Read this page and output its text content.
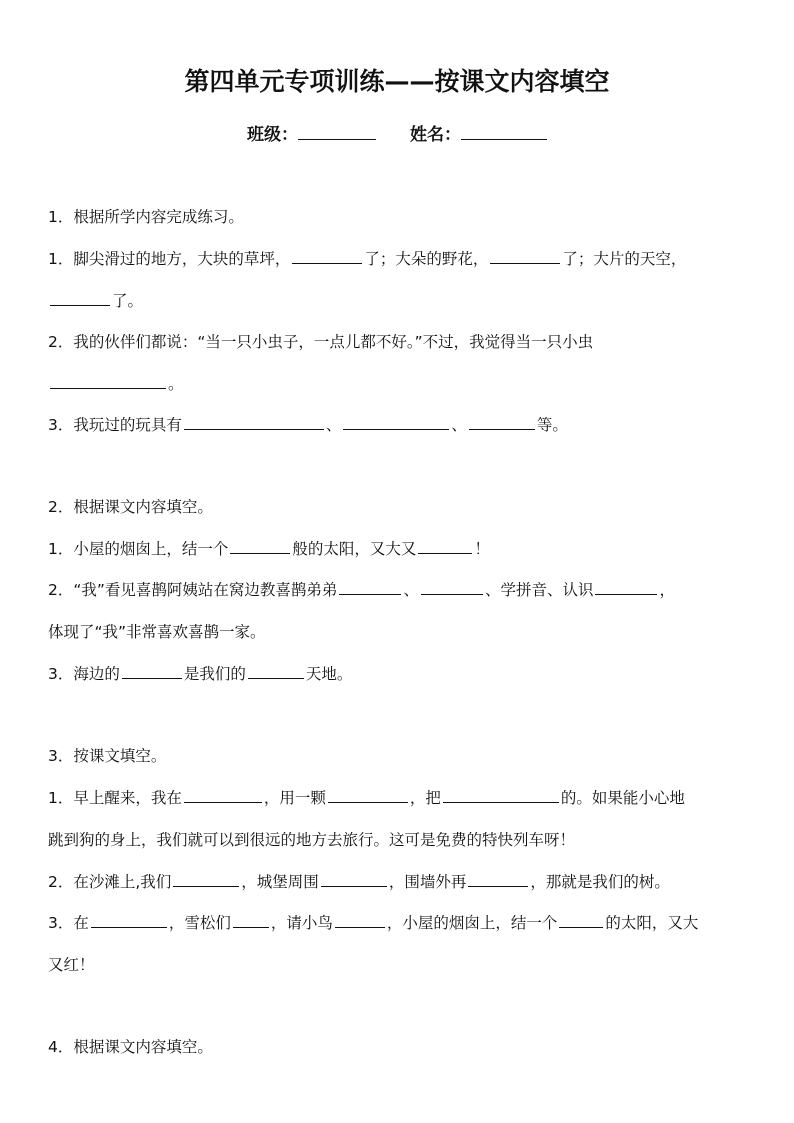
第四单元专项训练——按课文内容填空
班级：	姓名：
1．根据所学内容完成练习。
1．脚尖滑过的地方，大块的草坪，	了；大朵的野花，	了；大片的天空，
了。
2．我的伙伴们都说：“当一只小虫子，一点儿都不好。”不过，我觉得当一只小虫
。
3．我玩过的玩具有	、	、	等。
2．根据课文内容填空。
1．小屋的烟囱上，结一个	般的太阳，又大又	！
2．“我”看见喜鹊阿姨站在窝边教喜鹊弟弟	、	、学拼音、认识	，
体现了“我”非常喜欢喜鹊一家。
3．海边的	是我们的	天地。
3．按课文填空。
1．早上醒来，我在	，用一颗	，把	的。如果能小心地
跳到狗的身上，我们就可以到很远的地方去旅行。这可是免费的特快列车呀！
2．在沙滩上,我们	，城堡周围	，围墙外再	，那就是我们的树。
3．在	，雪松们	，请小鸟	，小屋的烟囱上，结一个	的太阳，又大
又红！
4．根据课文内容填空。
